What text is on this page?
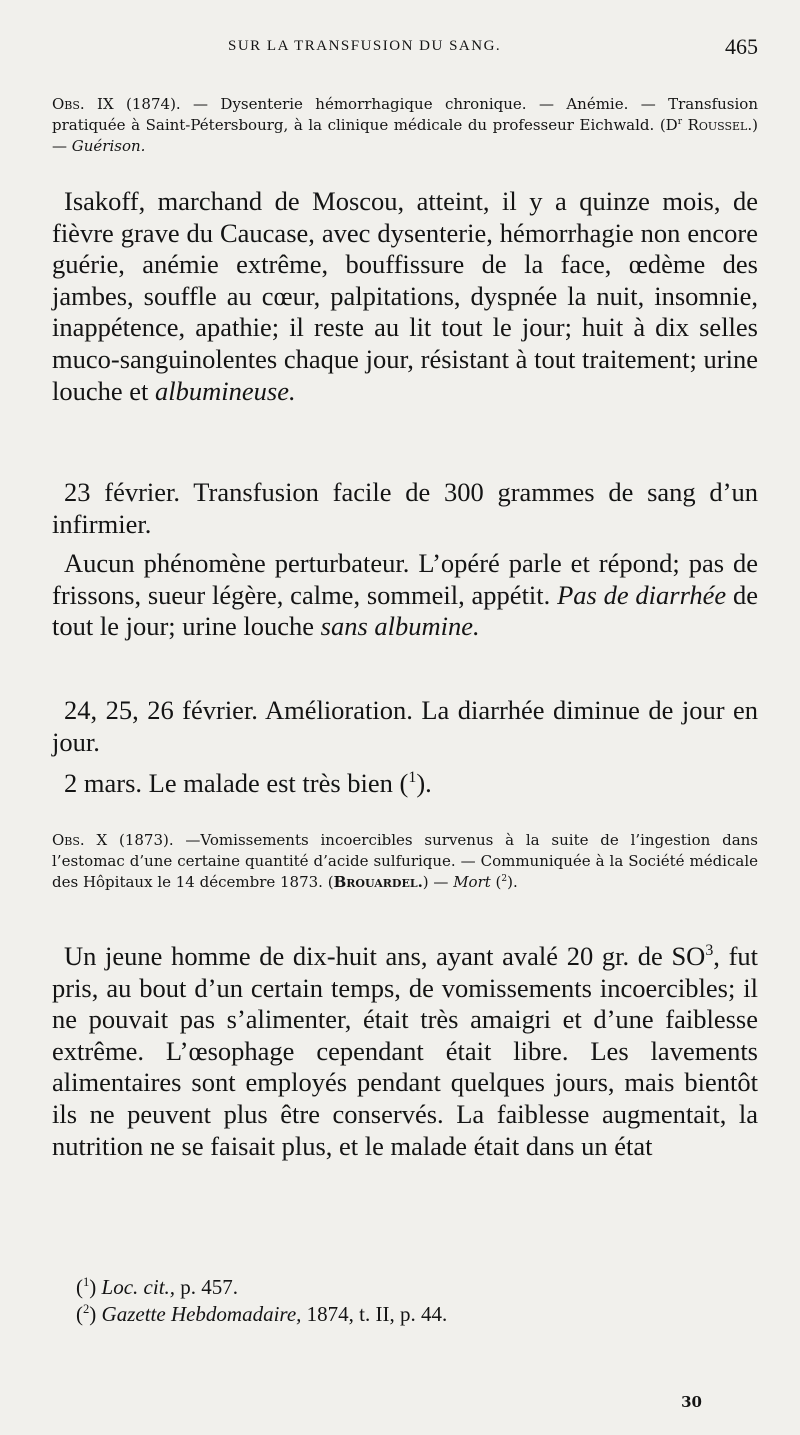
SUR LA TRANSFUSION DU SANG.	465
Obs. IX (1874). — Dysenterie hémorrhagique chronique. — Anémie. — Transfusion pratiquée à Saint-Pétersbourg, à la clinique médicale du professeur Eichwald. ($D^r$ Roussel.) — Guérison.

Isakoff, marchand de Moscou, atteint, il y a quinze mois, de fièvre grave du Caucase, avec dysenterie, hémorrhagie non encore guérie, anémie extrême, bouffissure de la face, œdème des jambes, souffle au cœur, palpitations, dyspnée la nuit, insomnie, inappétence, apathie; il reste au lit tout le jour; huit à dix selles muco-sanguinolentes chaque jour, résistant à tout traitement; urine louche et albumineuse.

23 février. Transfusion facile de 300 grammes de sang d’un infirmier.

Aucun phénomène perturbateur. L’opéré parle et répond; pas de frissons, sueur légère, calme, sommeil, appétit. Pas de diarrhée de tout le jour; urine louche sans albumine.

24, 25, 26 février. Amélioration. La diarrhée diminue de jour en jour.

2 mars. Le malade est très bien ($^1$).

Obs. X (1873). —Vomissements incoercibles survenus à la suite de l’ingestion dans l’estomac d’une certaine quantité d’acide sulfurique. — Communiquée à la Société médicale des Hôpitaux le 14 décembre 1873. (Brouardel.) — Mort ($^2$).

Un jeune homme de dix-huit ans, ayant avalé 20 gr. de $SO^3$, fut pris, au bout d’un certain temps, de vomissements incoercibles; il ne pouvait pas s’alimenter, était très amaigri et d’une faiblesse extrême. L’œsophage cependant était libre. Les lavements alimentaires sont employés pendant quelques jours, mais bientôt ils ne peuvent plus être conservés. La faiblesse augmentait, la nutrition ne se faisait plus, et le malade était dans un état

($^1$) Loc. cit., p. 457.
($^2$) Gazette Hebdomadaire, 1874, t. II, p. 44.
30
